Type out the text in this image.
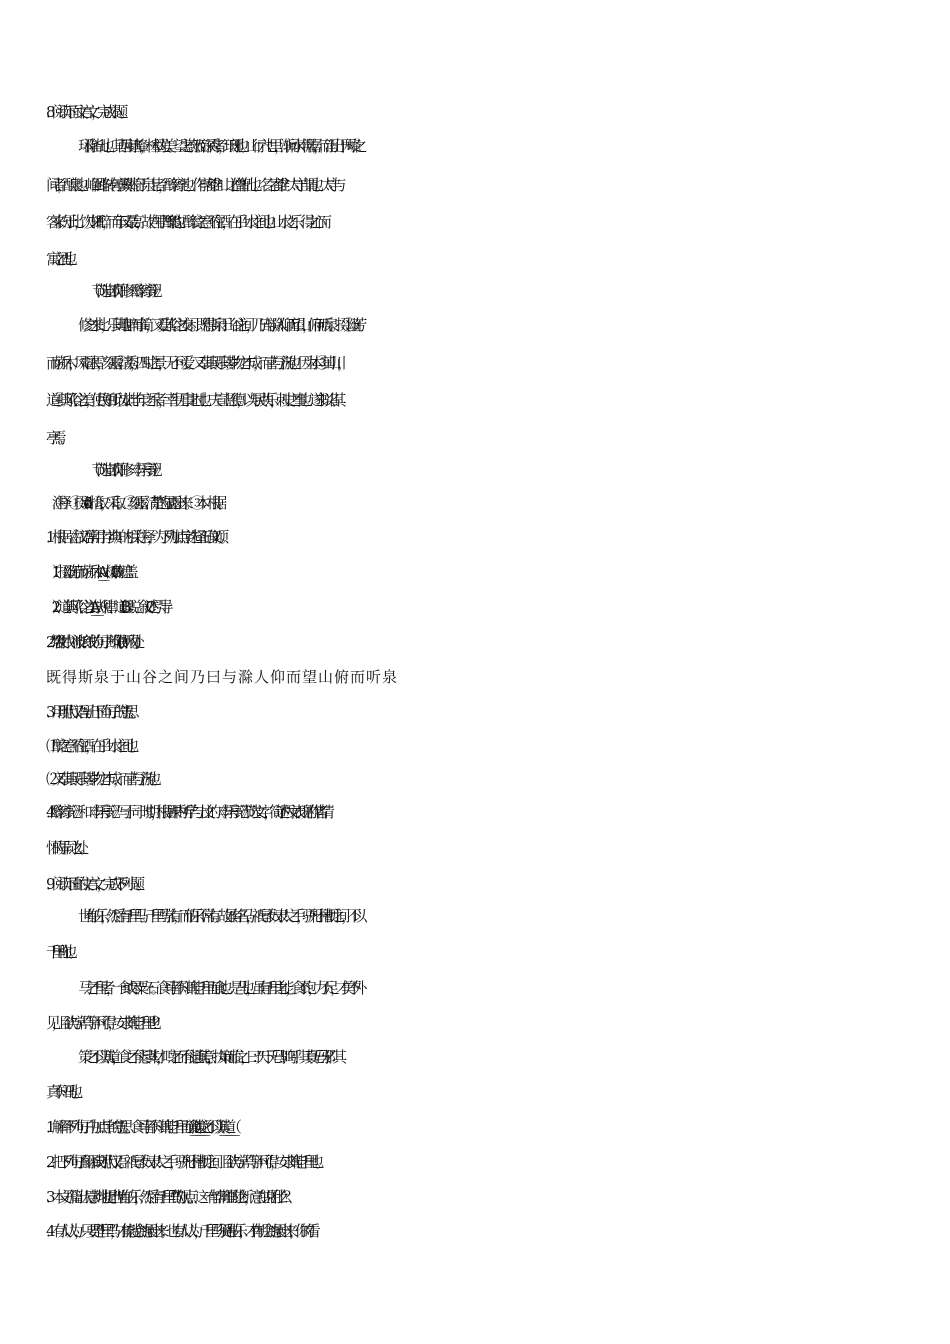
8．阅读下面文言文，完成小题。
环滁皆山也。其西南诸峰，林壑尤美。望之蔚然而深秀者，琅琊也。山行六七里，渐闻水声潺潺，而泻出于两峰之
间者，酿泉也。峰回路转有亭翼然临于泉上者，醉翁亭也。作亭者谁？山之僧智仙也。名之者谁？太守自谓也。太守与
客来饮于此，饮少辄醉，而年又最高，故自号曰“醉翁”也。醉翁之意不在酒，在乎山水之间也。山水之乐，得之心而
寓之酒也。
（节选自欧阳修《醉翁亭记》）
修之来此，乐其地僻而事简，又爱其俗之安闲。既得斯泉于山谷之间，乃日与滁人仰而望山，俯而听泉。掇①幽芳
而荫乔木，风霜冰雪，刻露②清秀，四时之景，无不可爱。又幸其民乐其岁物之丰成，而喜与予游也。因为本③其山川，
道④其风俗之美，使民知所以安此丰年之乐者，幸生无事之时也。夫宣上恩德，以与民共乐，刺史之事也。遂书以名其
亭焉。
（节选自欧阳修《丰乐亭记》）
（注释）①掇：（duō）拾取，采取。②刻露：清楚的显露出来。③本：根据。
1．根据《古汉语常用字字典》的相关注释，为下列加点字选择正确义项。
（1）掇幽芳而荫乔木（___） A．树荫 B．遮盖
（2）道其风俗之美（____） A．规律、道理 B．说、叙述 C．引导
2．用“/”给文中划波浪线的句子断句(限断两处)。
既得斯泉于山谷之间乃曰与滁人仰而望山俯而听泉
3．用现代汉语写出下面句子的意思。
⑴醉之意不在酒，在乎山水之间也。
⑵又幸其民乐其岁物之丰成，而喜与予游也。
4．《醉翁亭记》和《丰乐亭记》写于同一时期，根据课内所学与上文的《丰乐亭记》 节选文字，简述两文表现的作者情
怀的异同之处。
9．阅读下面的文言文，完成下列小题。
世有伯乐，然后有千里马。千里马常有，而伯乐不常有。故虽有名马，祇辱于奴隶人之手，骈死于槽枥之间，不以
千里称也。
马之千里者，一食或尽粟一石。食马者不知其能千里而食也。是马也，虽有千里之能，食不饱，力不足，才美不外
见，且欲与常马等不可得，安求其能千里也？
策之不以其道，食之不能尽其材，鸣之而不能通其意，执策而临之，曰：“天下无马！”呜呼！其真无马邪？其
真不知马也。
1．解释下列句子中加点字的意思。食马者不知其能千里而食也（________）策之不以其道（________）
2．把下列句子翻译成现代汉语。祇辱于奴隶人之手，骈死于槽枥之间。且欲与常马等不可得，安求其能千里也。
3．本文开篇出人意料地提出“世有伯乐，然后有千里马”的观点。这一有悖常理的论断，意在说明什么？
4．有人认为，只要是“千里马”，才能就会施展出来；也有人认为，千里马须遇伯乐，才有机会施展出来，你的看
